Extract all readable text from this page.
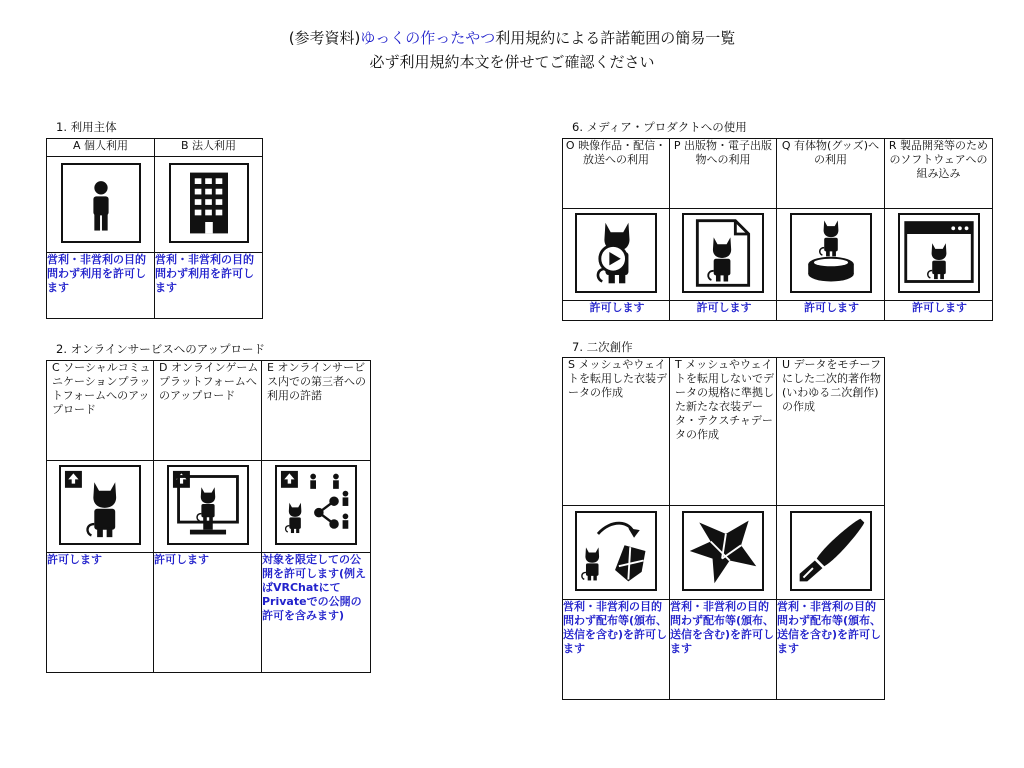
(参考資料)ゆっくの作ったやつ利用規約による許諾範囲の簡易一覧
必ず利用規約本文を併せてご確認ください
1. 利用主体
A 個人利用	B 法人利用

営利・非営利の目的問わず利用を許可します	営利・非営利の目的問わず利用を許可します
2. オンラインサービスへのアップロード
C ソーシャルコミュニケーションプラットフォームへのアップロード	D オンラインゲームプラットフォームへのアップロード	E オンラインサービス内での第三者への利用の許諾

許可します	許可します	対象を限定しての公開を許可します(例えばVRChatにてPrivateでの公開の許可を含みます)
6. メディア・プロダクトへの使用
O 映像作品・配信・放送への利用	P 出版物・電子出版物への利用	Q 有体物(グッズ)への利用	R 製品開発等のためのソフトウェアへの組み込み

許可します	許可します	許可します	許可します
7. 二次創作
S メッシュやウェイトを転用した衣装データの作成	T メッシュやウェイトを転用しないでデータの規格に準拠した新たな衣装データ・テクスチャデータの作成	U データをモチーフにした二次的著作物(いわゆる二次創作)の作成

営利・非営利の目的問わず配布等(頒布、送信を含む)を許可します	営利・非営利の目的問わず配布等(頒布、送信を含む)を許可します	営利・非営利の目的問わず配布等(頒布、送信を含む)を許可します
